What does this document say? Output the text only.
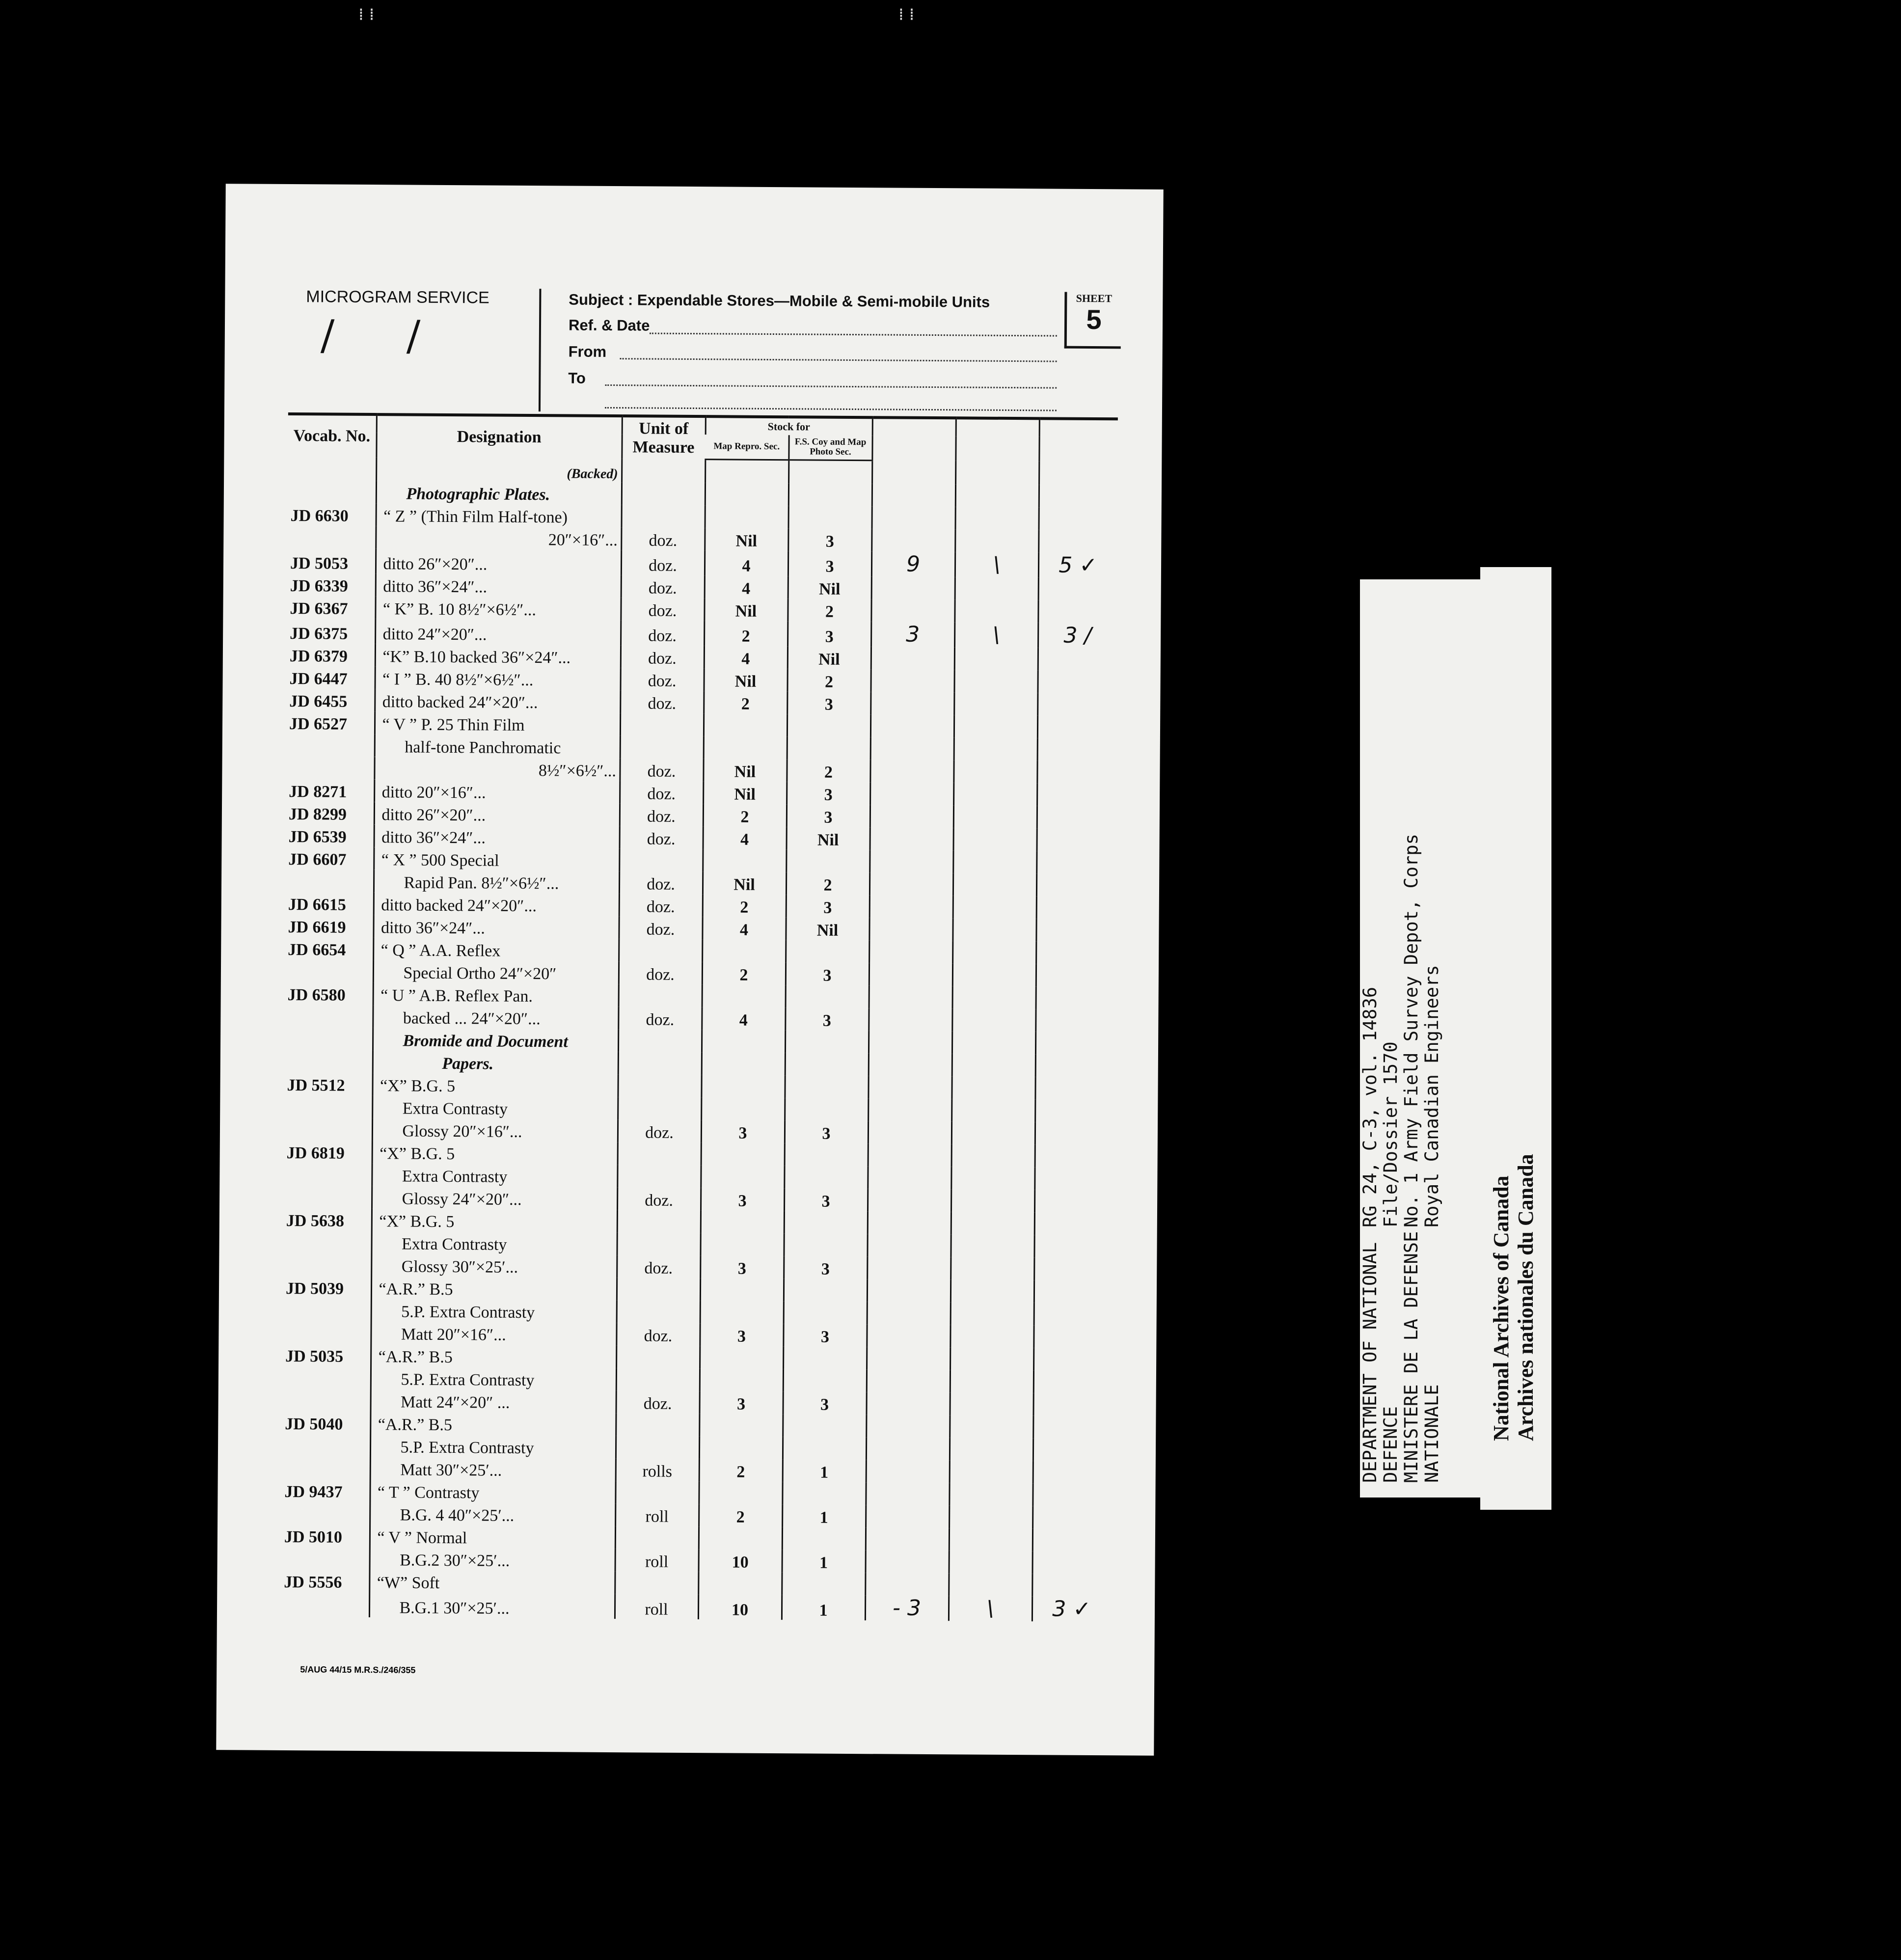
MICROGRAM SERVICE
/ /
Subject : Expendable Stores—Mobile & Semi-mobile Units
Ref. & Date
From
To
SHEET
5
Vocab. No.	Designation	Unit of Measure	Stock for				

			Map Repro. Sec.	F.S. Coy and Map Photo Sec.			

	(Backed)						
	Photographic Plates.						
JD 6630	“ Z ” (Thin Film Half-tone)						
	20″×16″...	doz.	Nil	3			
JD 5053	ditto 26″×20″...	doz.	4	3	9	\	5 ✓
JD 6339	ditto 36″×24″...	doz.	4	Nil			
JD 6367	“ K” B. 10 8½″×6½″...	doz.	Nil	2			
JD 6375	ditto 24″×20″...	doz.	2	3	3	\	3 /
JD 6379	“K” B.10 backed 36″×24″...	doz.	4	Nil			
JD 6447	“ I ” B. 40 8½″×6½″...	doz.	Nil	2			
JD 6455	ditto backed 24″×20″...	doz.	2	3			
JD 6527	“ V ” P. 25 Thin Film						
	half-tone Panchromatic						
	8½″×6½″...	doz.	Nil	2			
JD 8271	ditto 20″×16″...	doz.	Nil	3			
JD 8299	ditto 26″×20″...	doz.	2	3			
JD 6539	ditto 36″×24″...	doz.	4	Nil			
JD 6607	“ X ” 500 Special						
	Rapid Pan. 8½″×6½″...	doz.	Nil	2			
JD 6615	ditto backed 24″×20″...	doz.	2	3			
JD 6619	ditto 36″×24″...	doz.	4	Nil			
JD 6654	“ Q ” A.A. Reflex						
	Special Ortho 24″×20″	doz.	2	3			
JD 6580	“ U ” A.B. Reflex Pan.						
	backed ... 24″×20″...	doz.	4	3			
	Bromide and Document						
	Papers.						
JD 5512	“X” B.G. 5						
	Extra Contrasty						
	Glossy 20″×16″...	doz.	3	3			
JD 6819	“X” B.G. 5						
	Extra Contrasty						
	Glossy 24″×20″...	doz.	3	3			
JD 5638	“X” B.G. 5						
	Extra Contrasty						
	Glossy 30″×25′...	doz.	3	3			
JD 5039	“A.R.” B.5						
	5.P. Extra Contrasty						
	Matt 20″×16″...	doz.	3	3			
JD 5035	“A.R.” B.5						
	5.P. Extra Contrasty						
	Matt 24″×20″ ...	doz.	3	3			
JD 5040	“A.R.” B.5						
	5.P. Extra Contrasty						
	Matt 30″×25′...	rolls	2	1			
JD 9437	“ T ” Contrasty						
	B.G. 4 40″×25′...	roll	2	1			
JD 5010	“ V ” Normal						
	B.G.2 30″×25′...	roll	10	1			
JD 5556	“W” Soft						
	B.G.1 30″×25′...	roll	10	1	- 3	\	3 ✓
5/AUG 44/15 M.R.S./246/355
DEPARTMENT OF NATIONAL
RG 24, C-3, vol. 14836
DEFENCE
File/Dossier 1570
MINISTERE DE LA DEFENSE
No. 1 Army Field Survey Depot, Corps
NATIONALE
Royal Canadian Engineers
National Archives of Canada Archives nationales du Canada
⁞ ⁞	⁞ ⁞
